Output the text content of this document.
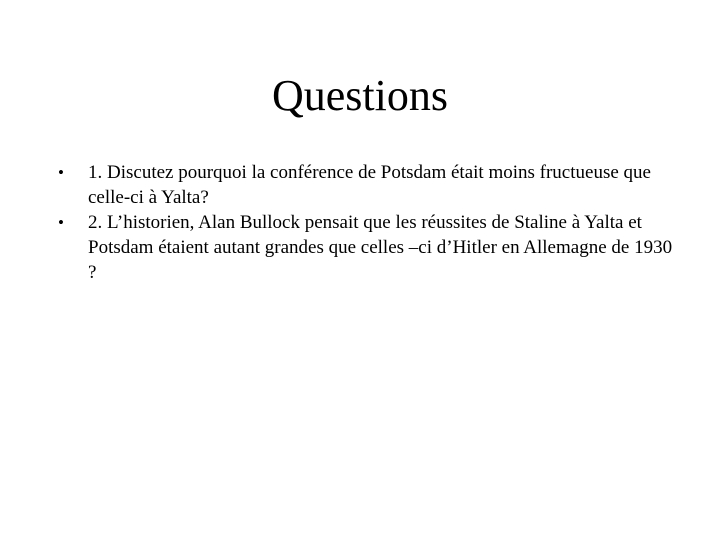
Questions
• 1. Discutez pourquoi la conférence de Potsdam était moins fructueuse que celle-ci à Yalta?
• 2. L’historien, Alan Bullock pensait que les réussites de Staline à Yalta et Potsdam étaient autant grandes que celles –ci d’Hitler en Allemagne de 1930 ?
